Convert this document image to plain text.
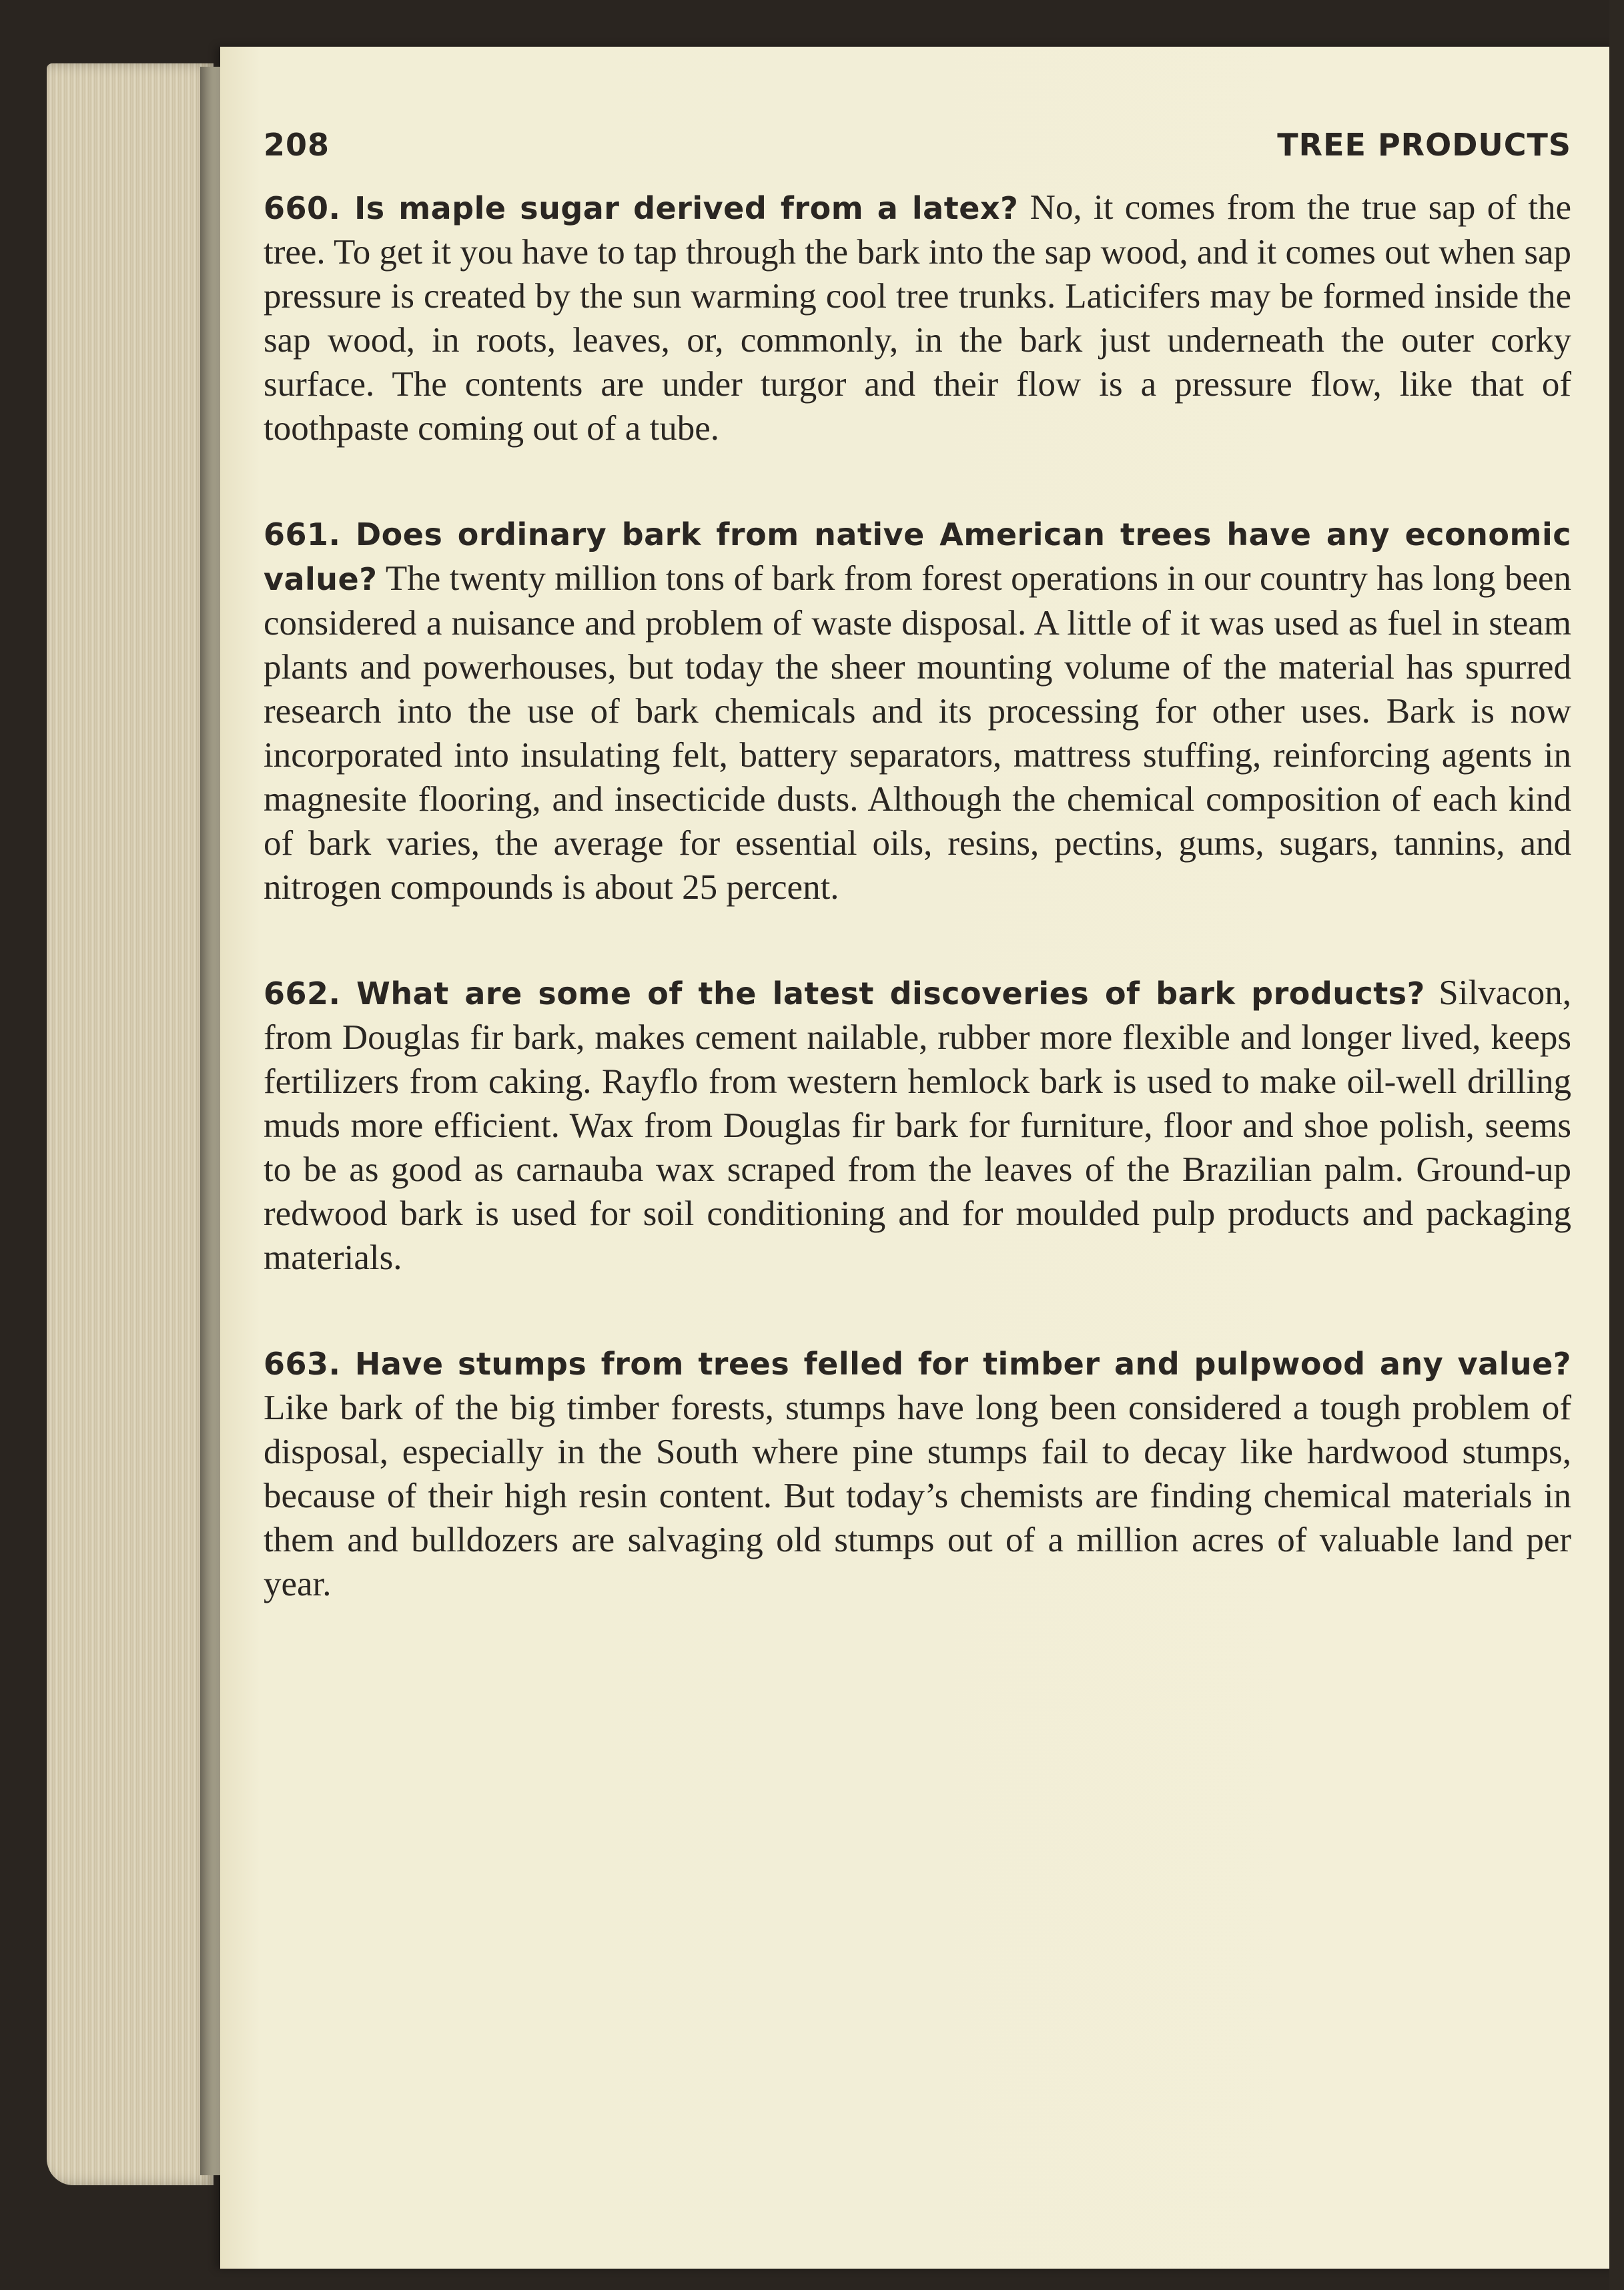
208	TREE PRODUCTS

660. Is maple sugar derived from a latex? No, it comes from the true sap of the tree. To get it you have to tap through the bark into the sap wood, and it comes out when sap pressure is created by the sun warming cool tree trunks. Laticifers may be formed inside the sap wood, in roots, leaves, or, commonly, in the bark just underneath the outer corky surface. The contents are under turgor and their flow is a pressure flow, like that of toothpaste coming out of a tube.

661. Does ordinary bark from native American trees have any economic value? The twenty million tons of bark from forest operations in our country has long been considered a nuisance and problem of waste disposal. A little of it was used as fuel in steam plants and powerhouses, but today the sheer mounting volume of the material has spurred research into the use of bark chemicals and its processing for other uses. Bark is now incorporated into insulating felt, battery separators, mattress stuffing, reinforcing agents in magnesite flooring, and insecticide dusts. Although the chemical composition of each kind of bark varies, the average for essential oils, resins, pectins, gums, sugars, tannins, and nitrogen compounds is about 25 percent.

662. What are some of the latest discoveries of bark products? Silvacon, from Douglas fir bark, makes cement nailable, rubber more flexible and longer lived, keeps fertilizers from caking. Rayflo from western hemlock bark is used to make oil-well drilling muds more efficient. Wax from Douglas fir bark for furniture, floor and shoe polish, seems to be as good as carnauba wax scraped from the leaves of the Brazilian palm. Ground-up redwood bark is used for soil conditioning and for moulded pulp products and packaging materials.

663. Have stumps from trees felled for timber and pulpwood any value? Like bark of the big timber forests, stumps have long been considered a tough problem of disposal, especially in the South where pine stumps fail to decay like hardwood stumps, because of their high resin content. But today’s chemists are finding chemical materials in them and bulldozers are salvaging old stumps out of a million acres of valuable land per year.
